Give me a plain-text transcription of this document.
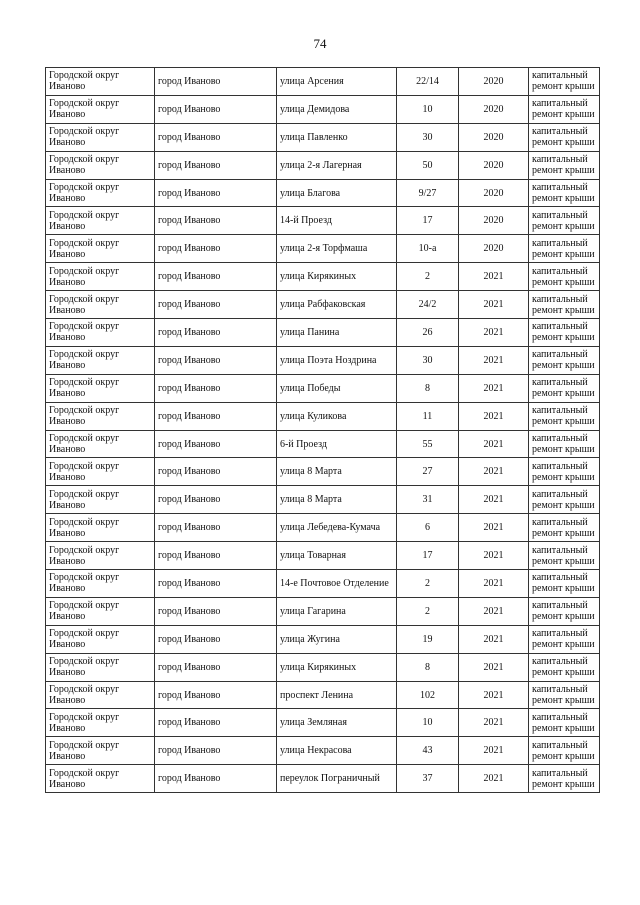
74
Городской округ Иваново	город Иваново	улица Арсения	22/14	2020	капитальный ремонт крыши
Городской округ Иваново	город Иваново	улица Демидова	10	2020	капитальный ремонт крыши
Городской округ Иваново	город Иваново	улица Павленко	30	2020	капитальный ремонт крыши
Городской округ Иваново	город Иваново	улица 2-я Лагерная	50	2020	капитальный ремонт крыши
Городской округ Иваново	город Иваново	улица Благова	9/27	2020	капитальный ремонт крыши
Городской округ Иваново	город Иваново	14-й Проезд	17	2020	капитальный ремонт крыши
Городской округ Иваново	город Иваново	улица 2-я Торфмаша	10-а	2020	капитальный ремонт крыши
Городской округ Иваново	город Иваново	улица Кирякиных	2	2021	капитальный ремонт крыши
Городской округ Иваново	город Иваново	улица Рабфаковская	24/2	2021	капитальный ремонт крыши
Городской округ Иваново	город Иваново	улица Панина	26	2021	капитальный ремонт крыши
Городской округ Иваново	город Иваново	улица Поэта Ноздрина	30	2021	капитальный ремонт крыши
Городской округ Иваново	город Иваново	улица Победы	8	2021	капитальный ремонт крыши
Городской округ Иваново	город Иваново	улица Куликова	11	2021	капитальный ремонт крыши
Городской округ Иваново	город Иваново	6-й Проезд	55	2021	капитальный ремонт крыши
Городской округ Иваново	город Иваново	улица 8 Марта	27	2021	капитальный ремонт крыши
Городской округ Иваново	город Иваново	улица 8 Марта	31	2021	капитальный ремонт крыши
Городской округ Иваново	город Иваново	улица Лебедева-Кумача	6	2021	капитальный ремонт крыши
Городской округ Иваново	город Иваново	улица Товарная	17	2021	капитальный ремонт крыши
Городской округ Иваново	город Иваново	14-е Почтовое Отделение	2	2021	капитальный ремонт крыши
Городской округ Иваново	город Иваново	улица Гагарина	2	2021	капитальный ремонт крыши
Городской округ Иваново	город Иваново	улица Жугина	19	2021	капитальный ремонт крыши
Городской округ Иваново	город Иваново	улица Кирякиных	8	2021	капитальный ремонт крыши
Городской округ Иваново	город Иваново	проспект Ленина	102	2021	капитальный ремонт крыши
Городской округ Иваново	город Иваново	улица Земляная	10	2021	капитальный ремонт крыши
Городской округ Иваново	город Иваново	улица Некрасова	43	2021	капитальный ремонт крыши
Городской округ Иваново	город Иваново	переулок Пограничный	37	2021	капитальный ремонт крыши
